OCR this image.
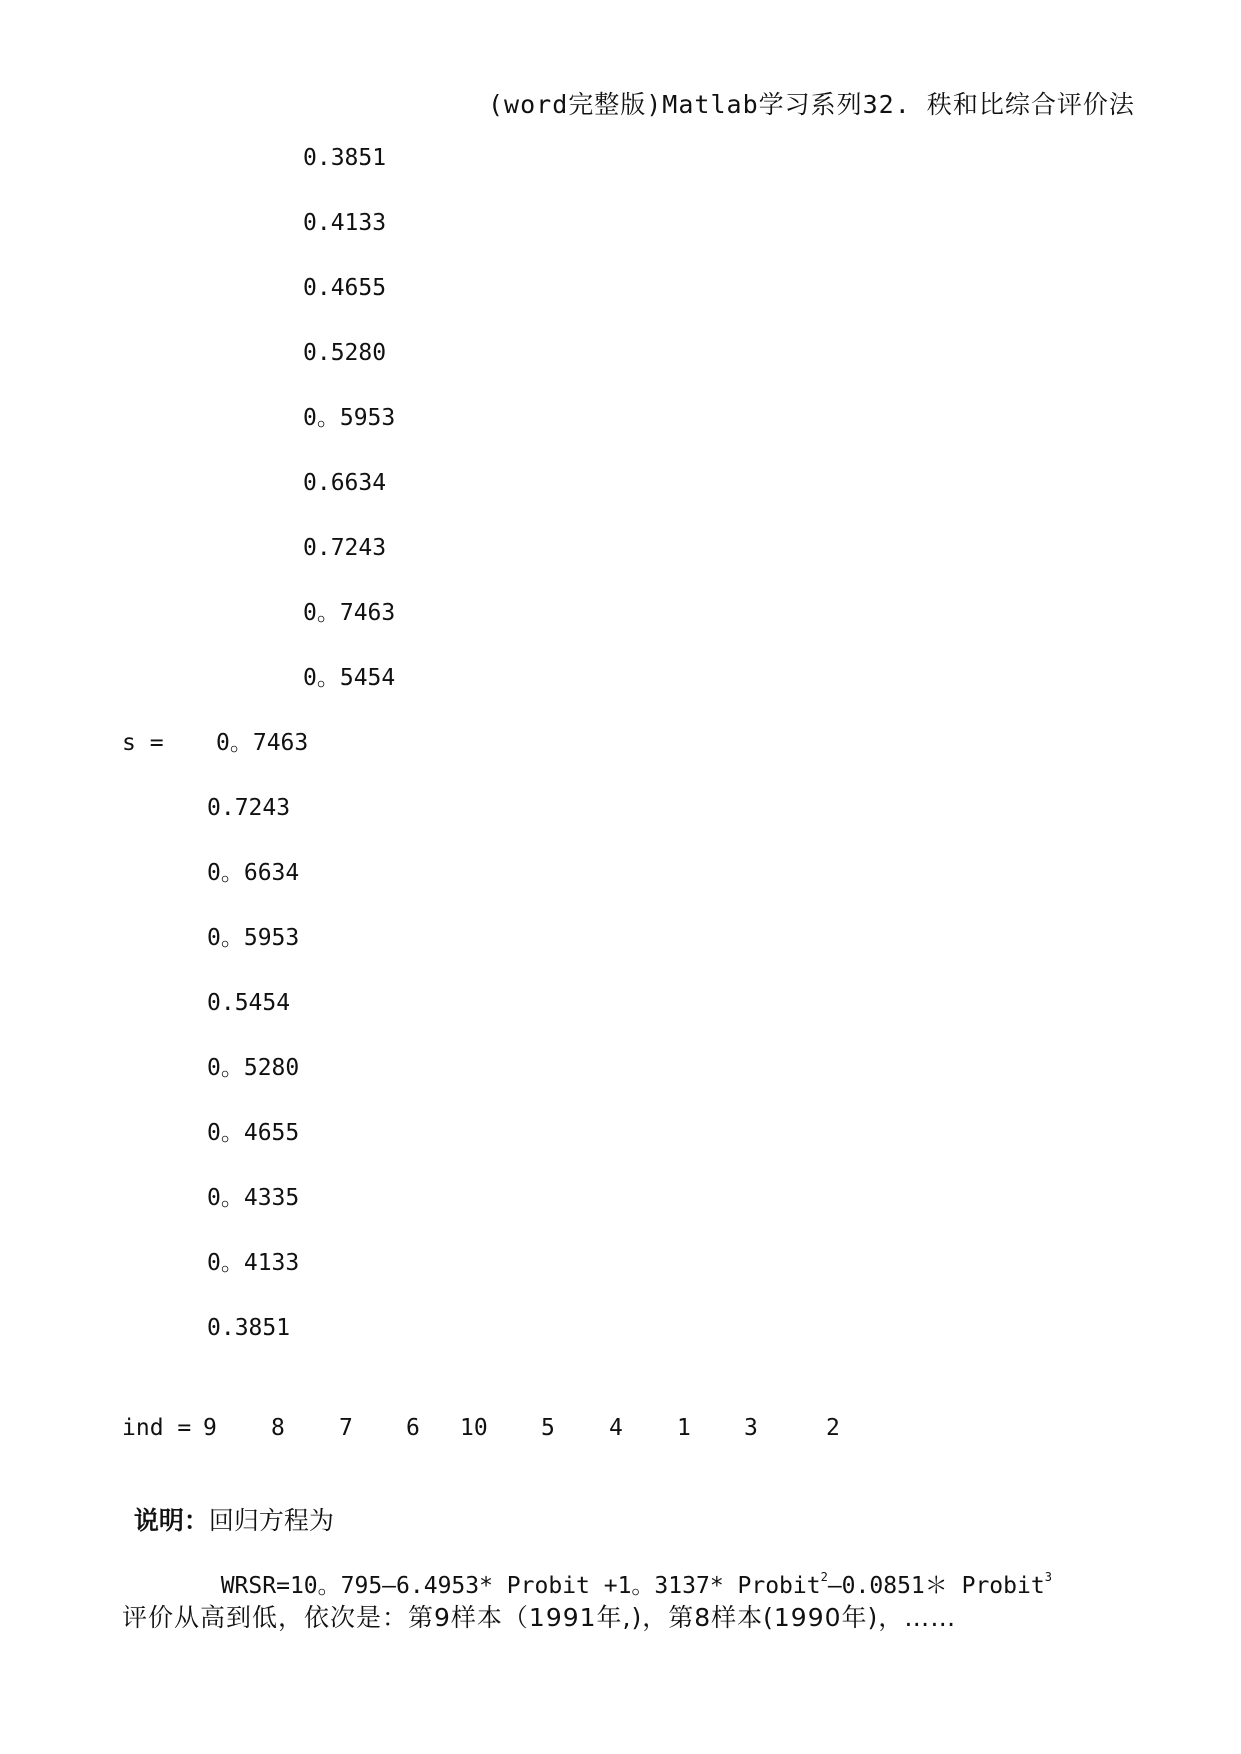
(word完整版)Matlab学习系列32. 秩和比综合评价法
0.3851
0.4133
0.4655
0.5280
0。5953
0.6634
0.7243
0。7463
0。5454
s = 0。7463
0.7243
0。6634
0。5953
0.5454
0。5280
0。4655
0。4335
0。4133
0.3851
ind =
9 8 7 6 10 5 4 1 3	2

说明：回归方程为

WRSR=10。795—6.4953* Probit +1。3137* Probit$^2$—0.0851＊ Probit$^3$

评价从高到低，依次是：第9样本（1991年,)，第8样本(1990年)，……
